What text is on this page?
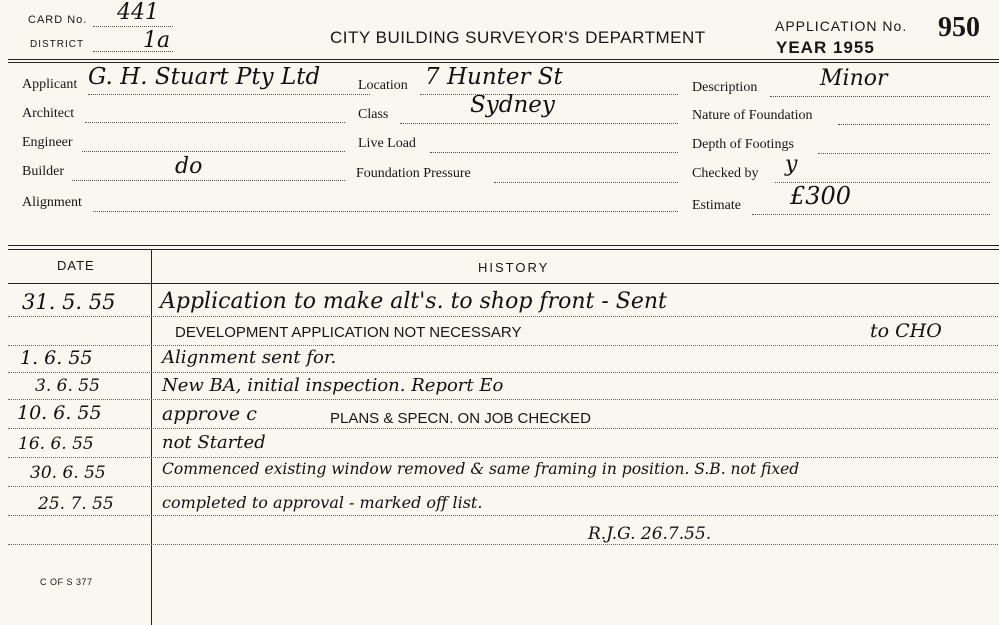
CARD No. 441
DISTRICT	1a	CITY BUILDING SURVEYOR'S DEPARTMENT
APPLICATION No. 950
YEAR 1955
Applicant G. H. Stuart Pty Ltd
Architect
Engineer
Builder	do
Alignment
Location 7 Hunter St
Class	Sydney
Live Load
Foundation Pressure
Description	Minor
Nature of Foundation
Depth of Footings
Checked by y
Estimate £300
DATE	HISTORY
31. 5. 55 Application to make alt's. to shop front - Sent
DEVELOPMENT APPLICATION NOT NECESSARY	to CHO
1. 6. 55	Alignment sent for.
3. 6. 55	New BA, initial inspection. Report Eo
10. 6. 55	approve c	PLANS & SPECN. ON JOB CHECKED
16. 6. 55	not Started
30. 6. 55	Commenced existing window removed & same framing in position. S.B. not fixed
25. 7. 55	completed to approval - marked off list.
R.J.G. 26.7.55.
C OF S 377
